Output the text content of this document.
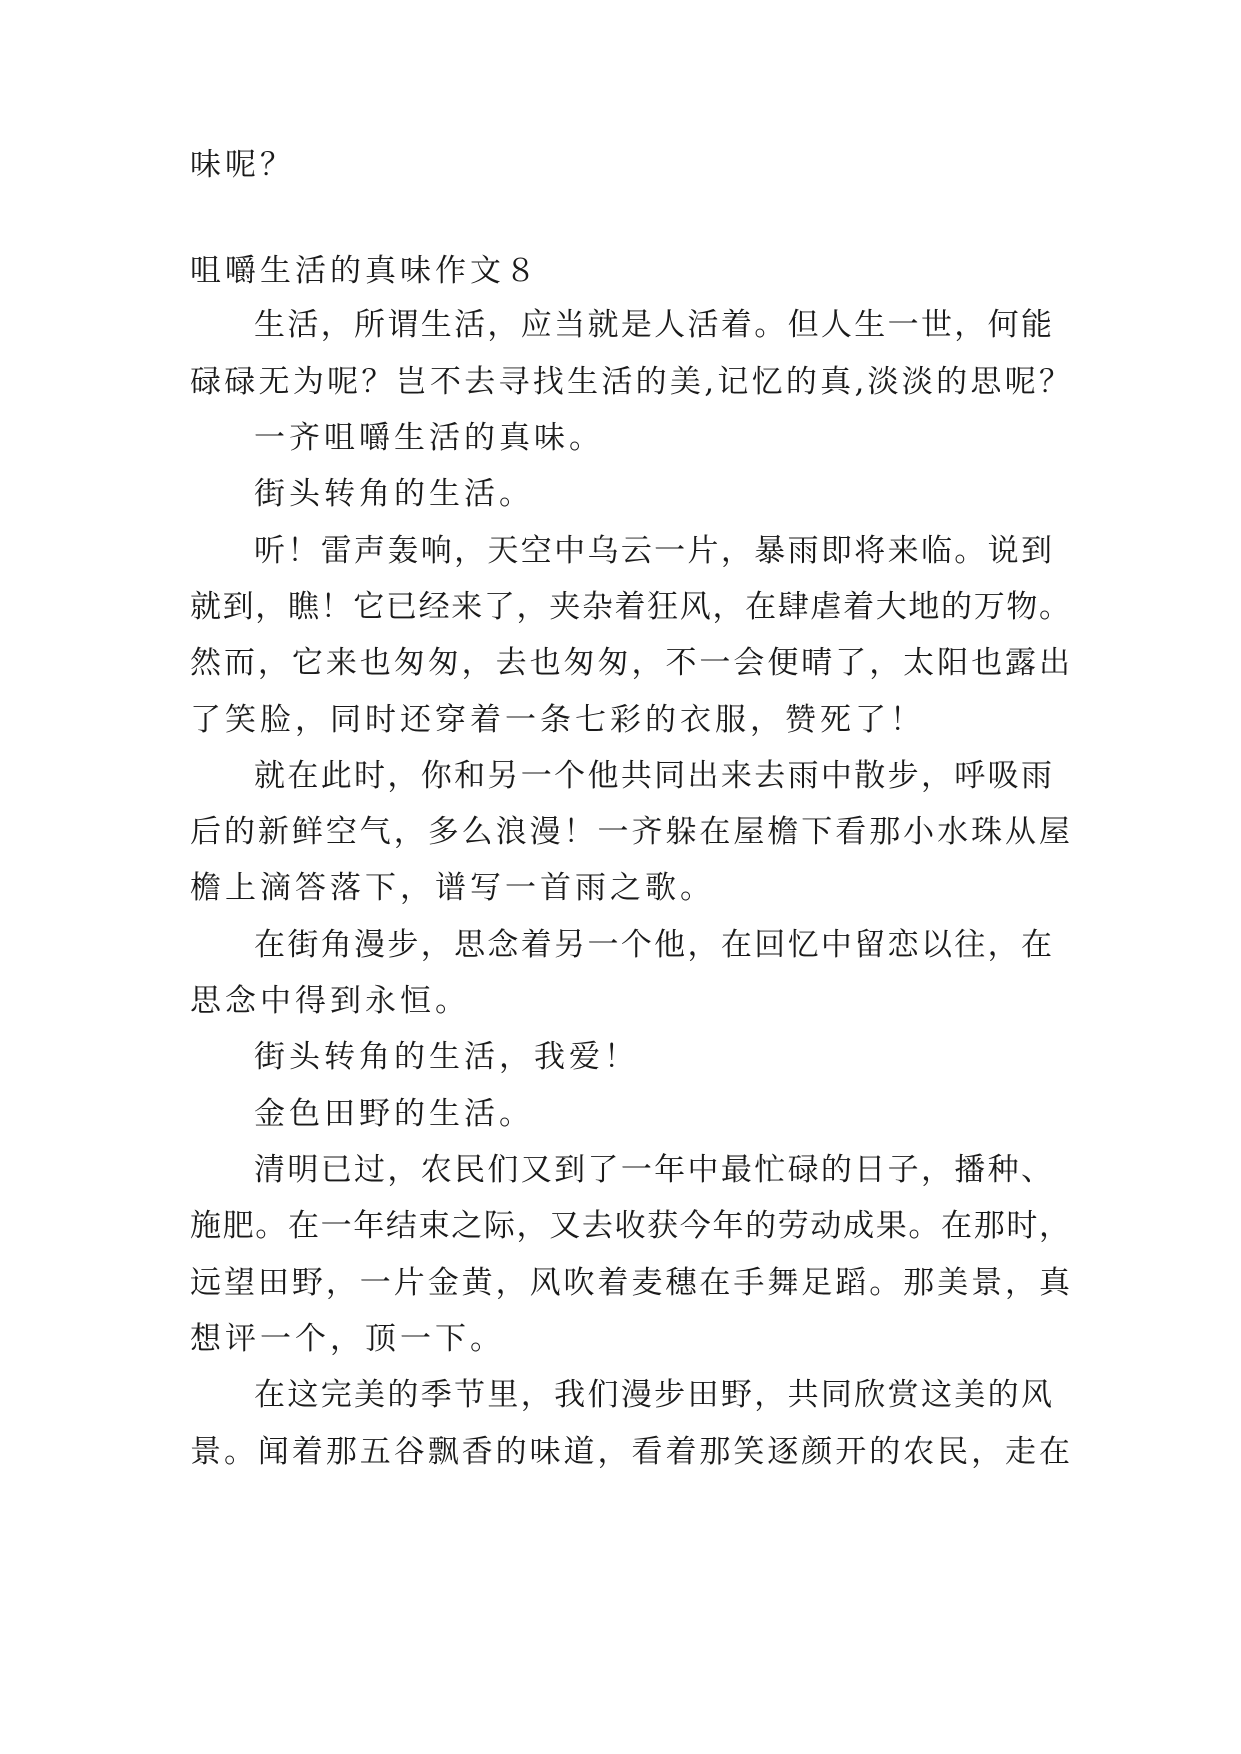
味呢？

咀嚼生活的真味作文８

生活，所谓生活，应当就是人活着。但人生一世，何能

碌碌无为呢？岂不去寻找生活的美,记忆的真,淡淡的思呢？

一齐咀嚼生活的真味。

街头转角的生活。

听！雷声轰响，天空中乌云一片，暴雨即将来临。说到

就到，瞧！它已经来了，夹杂着狂风，在肆虐着大地的万物。

然而，它来也匆匆，去也匆匆，不一会便晴了，太阳也露出

了笑脸，同时还穿着一条七彩的衣服，赞死了！

就在此时，你和另一个他共同出来去雨中散步，呼吸雨

后的新鲜空气，多么浪漫！一齐躲在屋檐下看那小水珠从屋

檐上滴答落下，谱写一首雨之歌。

在街角漫步，思念着另一个他，在回忆中留恋以往，在

思念中得到永恒。

街头转角的生活，我爱！

金色田野的生活。

清明已过，农民们又到了一年中最忙碌的日子，播种、

施肥。在一年结束之际，又去收获今年的劳动成果。在那时，

远望田野，一片金黄，风吹着麦穗在手舞足蹈。那美景，真

想评一个，顶一下。

在这完美的季节里，我们漫步田野，共同欣赏这美的风

景。闻着那五谷飘香的味道，看着那笑逐颜开的农民，走在
